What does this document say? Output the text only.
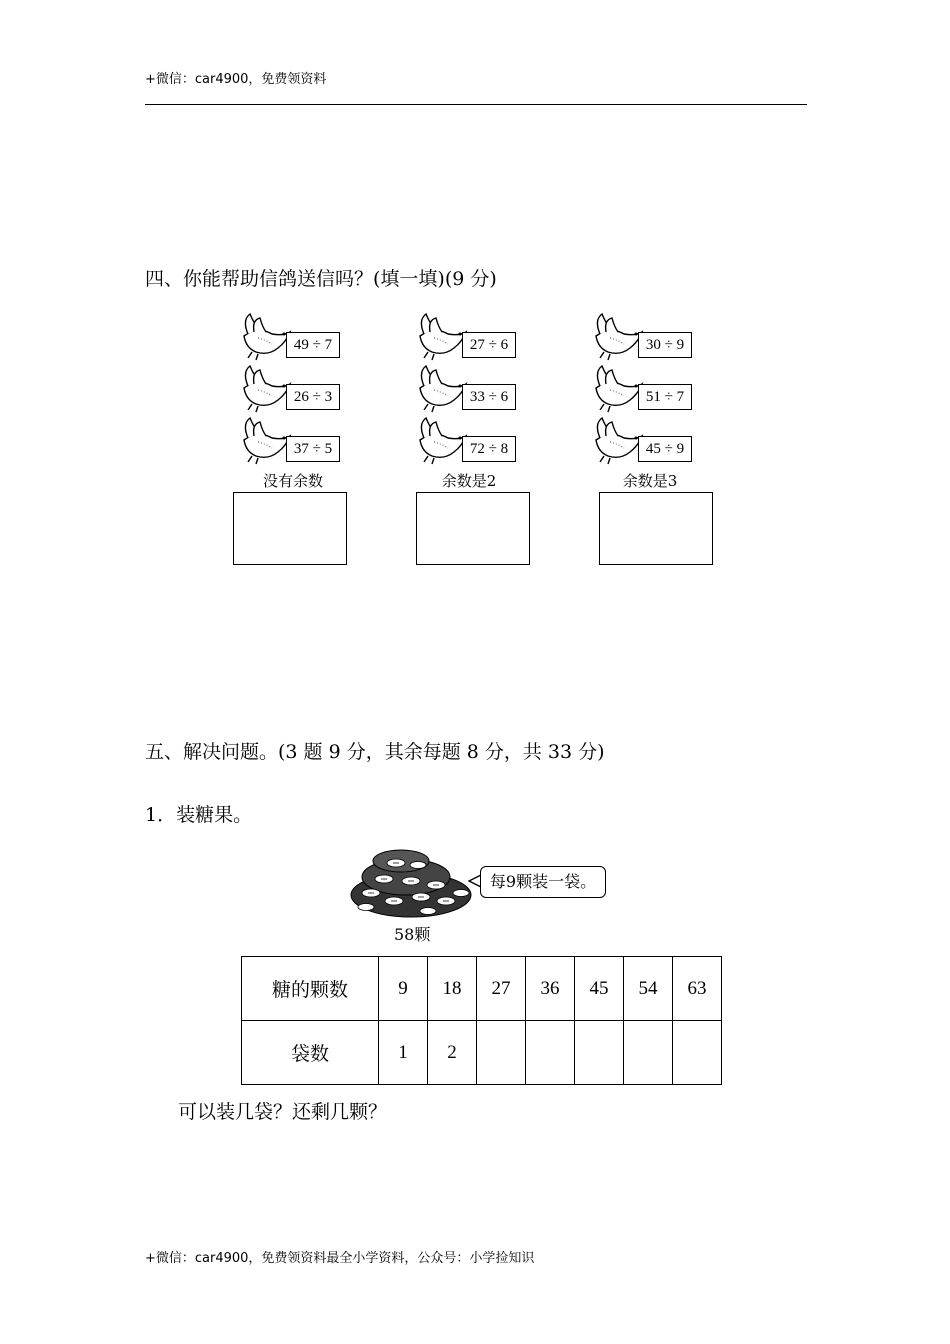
+微信：car4900，免费领资料
四、你能帮助信鸽送信吗？(填一填)(9 分)
49 ÷ 7
26 ÷ 3
37 ÷ 5
没有余数
27 ÷ 6
33 ÷ 6
72 ÷ 8
余数是2
30 ÷ 9
51 ÷ 7
45 ÷ 9
余数是3
五、解决问题。(3 题 9 分，其余每题 8 分，共 33 分)
1．装糖果。
每9颗装一袋。
58颗
糖的颗数	9	18	27	36	45	54	63
袋数	1	2					
可以装几袋？还剩几颗？
+微信：car4900，免费领资料最全小学资料，公众号：小学捡知识
